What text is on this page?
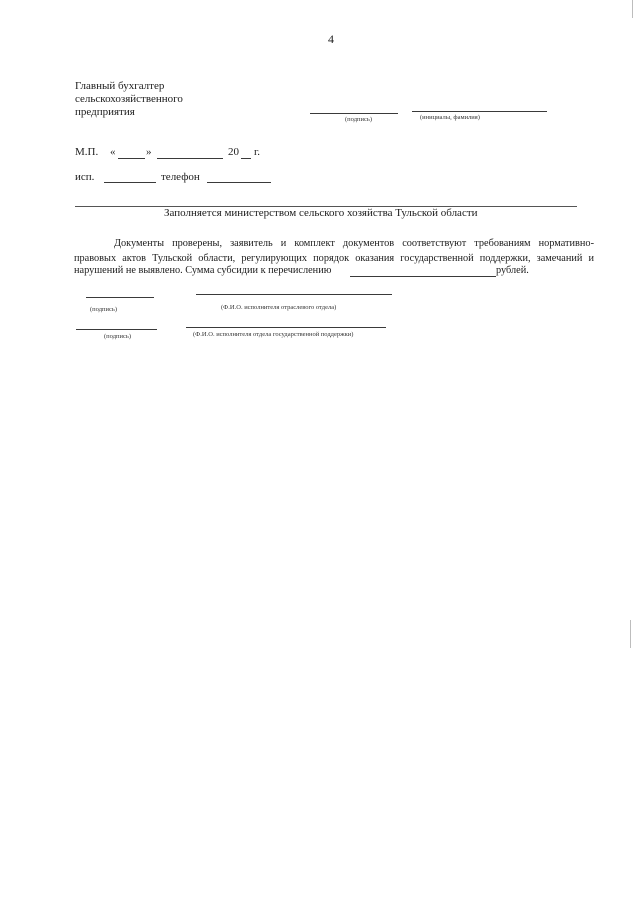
4
Главный бухгалтер
сельскохозяйственного
предприятия
(подпись)	(инициалы, фамилия)
М.П. «	»	20 г.
исп.	телефон
Заполняется министерством сельского хозяйства Тульской области

Документы проверены, заявитель и комплект документов соответствуют требованиям нормативно-

правовых актов Тульской области, регулирующих порядок оказания государственной поддержки, замечаний и

нарушений не выявлено. Сумма субсидии к перечислению	рублей.
(подпись)	(Ф.И.О. исполнителя отраслевого отдела)
(подпись)	(Ф.И.О. исполнителя отдела государственной поддержки)
